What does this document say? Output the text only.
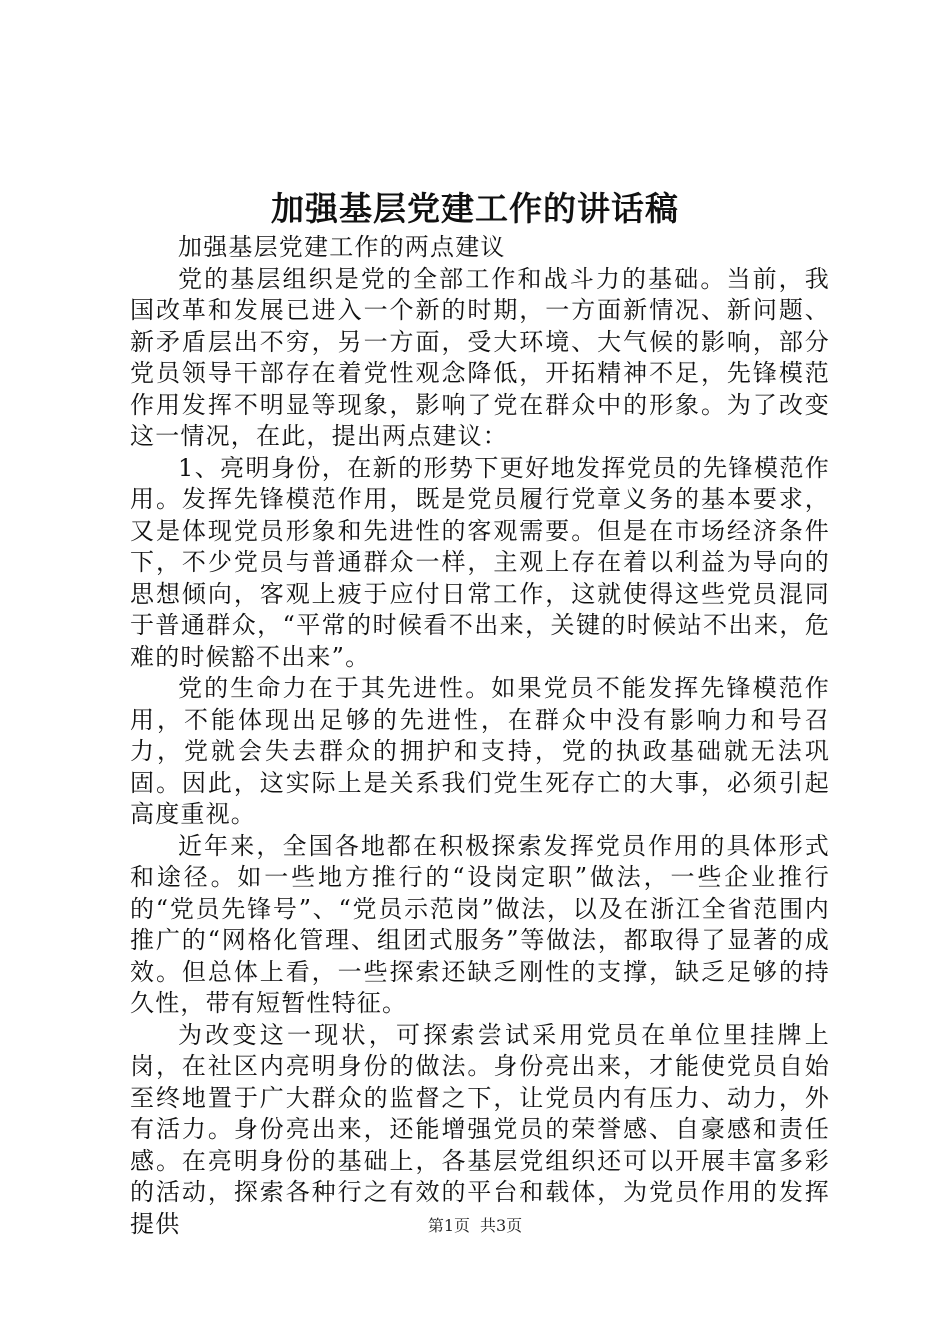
加强基层党建工作的讲话稿

加强基层党建工作的两点建议

党的基层组织是党的全部工作和战斗力的基础。当前，我国改革和发展已进入一个新的时期，一方面新情况、新问题、新矛盾层出不穷，另一方面，受大环境、大气候的影响，部分党员领导干部存在着党性观念降低，开拓精神不足，先锋模范作用发挥不明显等现象，影响了党在群众中的形象。为了改变这一情况，在此，提出两点建议：

1、亮明身份，在新的形势下更好地发挥党员的先锋模范作用。发挥先锋模范作用，既是党员履行党章义务的基本要求，又是体现党员形象和先进性的客观需要。但是在市场经济条件下，不少党员与普通群众一样，主观上存在着以利益为导向的思想倾向，客观上疲于应付日常工作，这就使得这些党员混同于普通群众，“平常的时候看不出来，关键的时候站不出来，危难的时候豁不出来”。

党的生命力在于其先进性。如果党员不能发挥先锋模范作用，不能体现出足够的先进性，在群众中没有影响力和号召力，党就会失去群众的拥护和支持，党的执政基础就无法巩固。因此，这实际上是关系我们党生死存亡的大事，必须引起高度重视。

近年来，全国各地都在积极探索发挥党员作用的具体形式和途径。如一些地方推行的“设岗定职”做法，一些企业推行的“党员先锋号”、“党员示范岗”做法，以及在浙江全省范围内推广的“网格化管理、组团式服务”等做法，都取得了显著的成效。但总体上看，一些探索还缺乏刚性的支撑，缺乏足够的持久性，带有短暂性特征。

为改变这一现状，可探索尝试采用党员在单位里挂牌上岗，在社区内亮明身份的做法。身份亮出来，才能使党员自始至终地置于广大群众的监督之下，让党员内有压力、动力，外有活力。身份亮出来，还能增强党员的荣誉感、自豪感和责任感。在亮明身份的基础上，各基层党组织还可以开展丰富多彩的活动，探索各种行之有效的平台和载体，为党员作用的发挥提供	第1页 共3页
